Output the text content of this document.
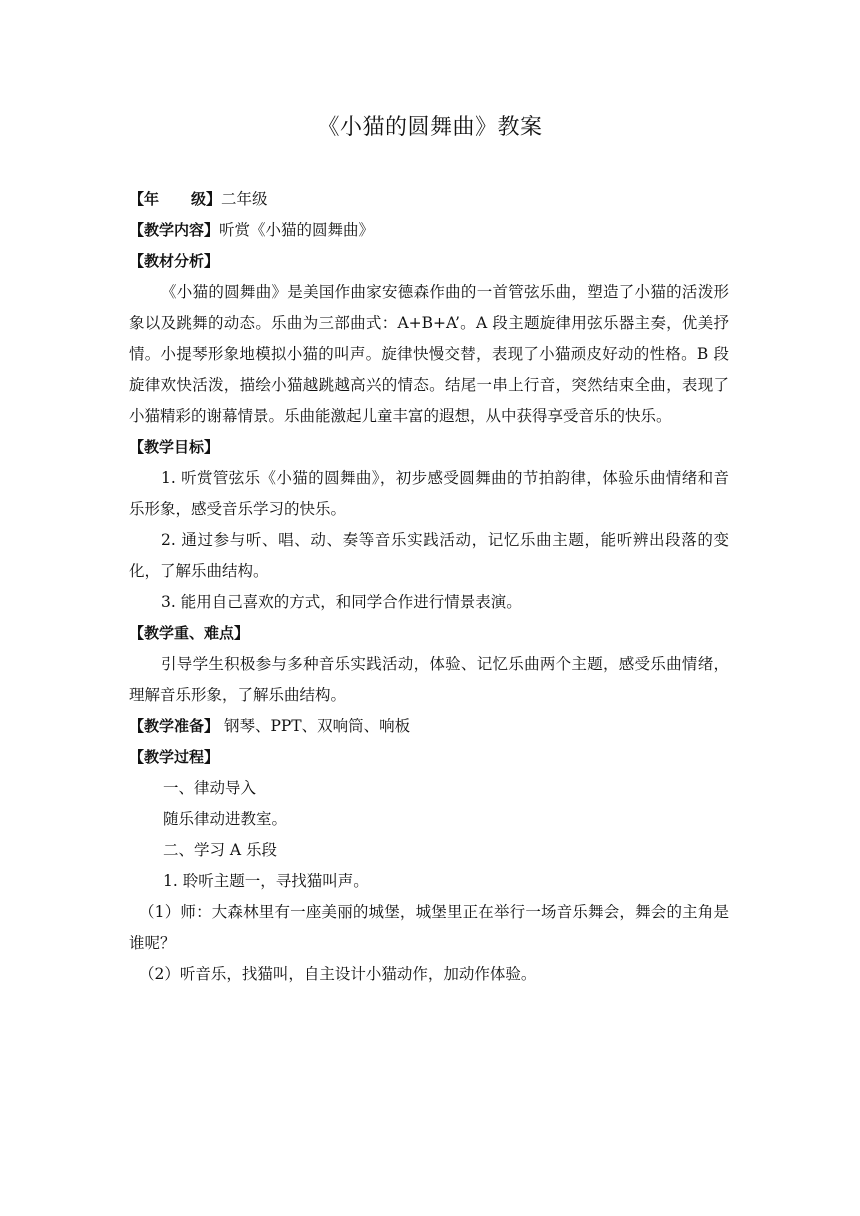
《小猫的圆舞曲》教案
【年 级】二年级
【教学内容】听赏《小猫的圆舞曲》
【教材分析】

《小猫的圆舞曲》是美国作曲家安德森作曲的一首管弦乐曲，塑造了小猫的活泼形象以及跳舞的动态。乐曲为三部曲式：A+B+A’。A 段主题旋律用弦乐器主奏，优美抒情。小提琴形象地模拟小猫的叫声。旋律快慢交替，表现了小猫顽皮好动的性格。B 段旋律欢快活泼，描绘小猫越跳越高兴的情态。结尾一串上行音，突然结束全曲，表现了小猫精彩的谢幕情景。乐曲能激起儿童丰富的遐想，从中获得享受音乐的快乐。

【教学目标】

1. 听赏管弦乐《小猫的圆舞曲》，初步感受圆舞曲的节拍韵律，体验乐曲情绪和音乐形象，感受音乐学习的快乐。

2. 通过参与听、唱、动、奏等音乐实践活动，记忆乐曲主题，能听辨出段落的变化，了解乐曲结构。

3. 能用自己喜欢的方式，和同学合作进行情景表演。

【教学重、难点】

引导学生积极参与多种音乐实践活动，体验、记忆乐曲两个主题，感受乐曲情绪，理解音乐形象，了解乐曲结构。

【教学准备】 钢琴、PPT、双响筒、响板
【教学过程】
一、律动导入
随乐律动进教室。
二、学习 A 乐段
1. 聆听主题一，寻找猫叫声。

（1）师：大森林里有一座美丽的城堡，城堡里正在举行一场音乐舞会，舞会的主角是谁呢？

（2）听音乐，找猫叫，自主设计小猫动作，加动作体验。
